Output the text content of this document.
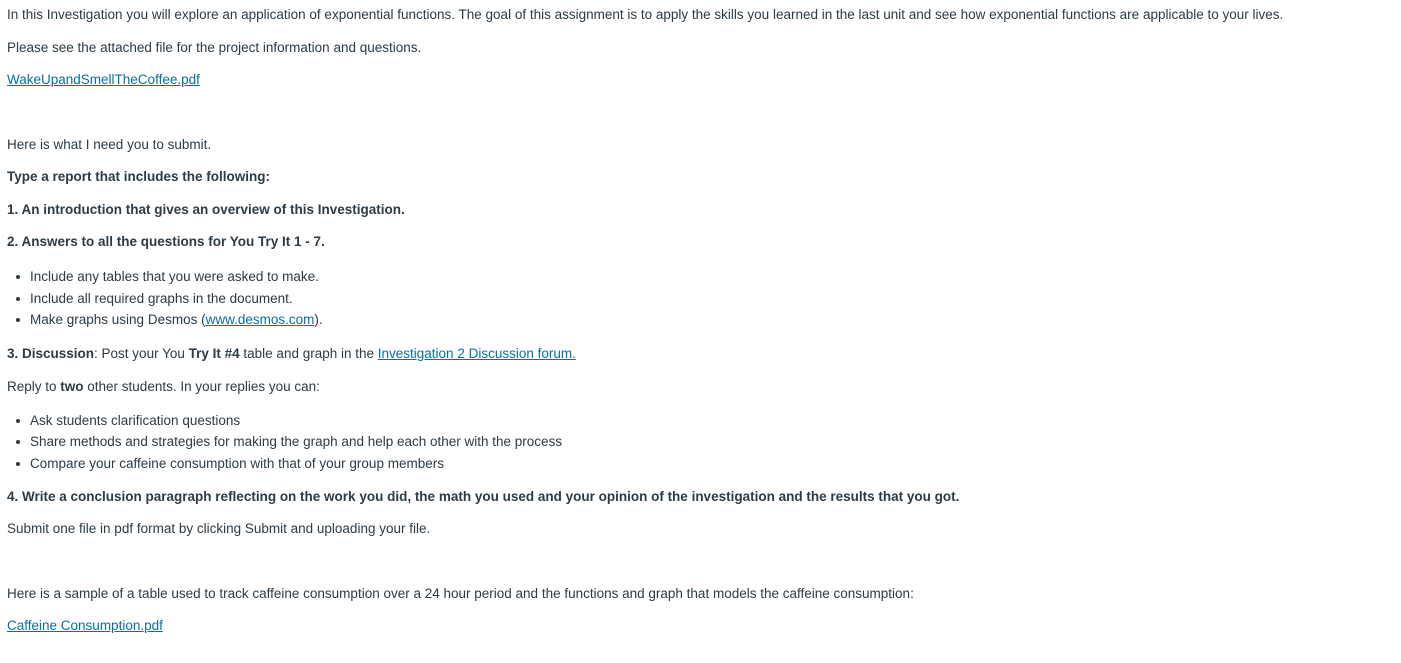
In this Investigation you will explore an application of exponential functions. The goal of this assignment is to apply the skills you learned in the last unit and see how exponential functions are applicable to your lives.

Please see the attached file for the project information and questions.

WakeUpandSmellTheCoffee.pdf

Here is what I need you to submit.

Type a report that includes the following:

1. An introduction that gives an overview of this Investigation.

2. Answers to all the questions for You Try It 1 - 7.

Include any tables that you were asked to make.
Include all required graphs in the document.
Make graphs using Desmos (www.desmos.com).

3. Discussion: Post your You Try It #4 table and graph in the Investigation 2 Discussion forum.

Reply to two other students. In your replies you can:

Ask students clarification questions
Share methods and strategies for making the graph and help each other with the process
Compare your caffeine consumption with that of your group members

4. Write a conclusion paragraph reflecting on the work you did, the math you used and your opinion of the investigation and the results that you got.

Submit one file in pdf format by clicking Submit and uploading your file.

Here is a sample of a table used to track caffeine consumption over a 24 hour period and the functions and graph that models the caffeine consumption:

Caffeine Consumption.pdf
